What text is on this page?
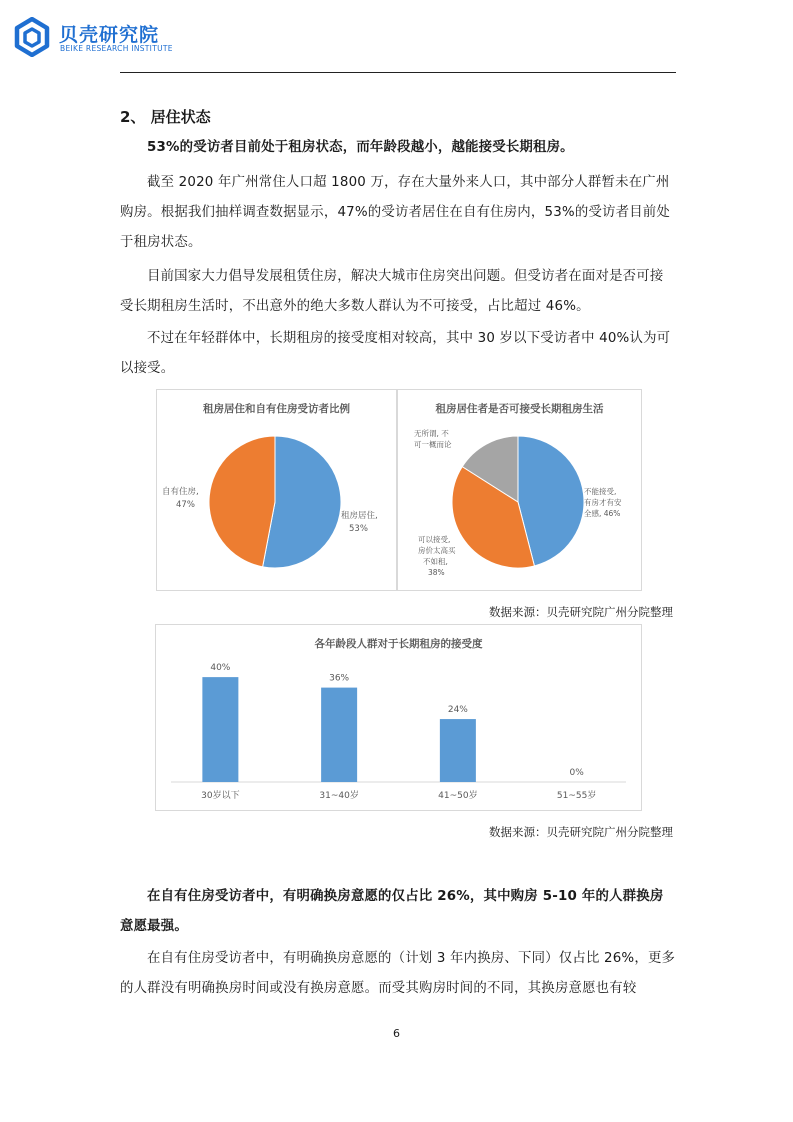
贝壳研究院
BEIKE RESEARCH INSTITUTE
2、 居住状态

53%的受访者目前处于租房状态，而年龄段越小，越能接受长期租房。

截至 2020 年广州常住人口超 1800 万，存在大量外来人口，其中部分人群暂未在广州购房。根据我们抽样调查数据显示，47%的受访者居住在自有住房内，53%的受访者目前处于租房状态。

目前国家大力倡导发展租赁住房，解决大城市住房突出问题。但受访者在面对是否可接受长期租房生活时，不出意外的绝大多数人群认为不可接受，占比超过 46%。

不过在年轻群体中，长期租房的接受度相对较高，其中 30 岁以下受访者中 40%认为可以接受。

租房居住和自有住房受访者比例
自有住房,
47%
租房居住,
53%
租房居住者是否可接受长期租房生活
无所谓, 不
可一概而论
不能接受,
有房才有安
全感, 46%
可以接受,
房价太高买
不如租,
38%
数据来源：贝壳研究院广州分院整理
各年龄段人群对于长期租房的接受度
40%
30岁以下
36%
31~40岁
24%
41~50岁
0%
51~55岁
数据来源：贝壳研究院广州分院整理

在自有住房受访者中，有明确换房意愿的仅占比 26%，其中购房 5-10 年的人群换房意愿最强。

在自有住房受访者中，有明确换房意愿的（计划 3 年内换房、下同）仅占比 26%，更多的人群没有明确换房时间或没有换房意愿。而受其购房时间的不同，其换房意愿也有较

6
